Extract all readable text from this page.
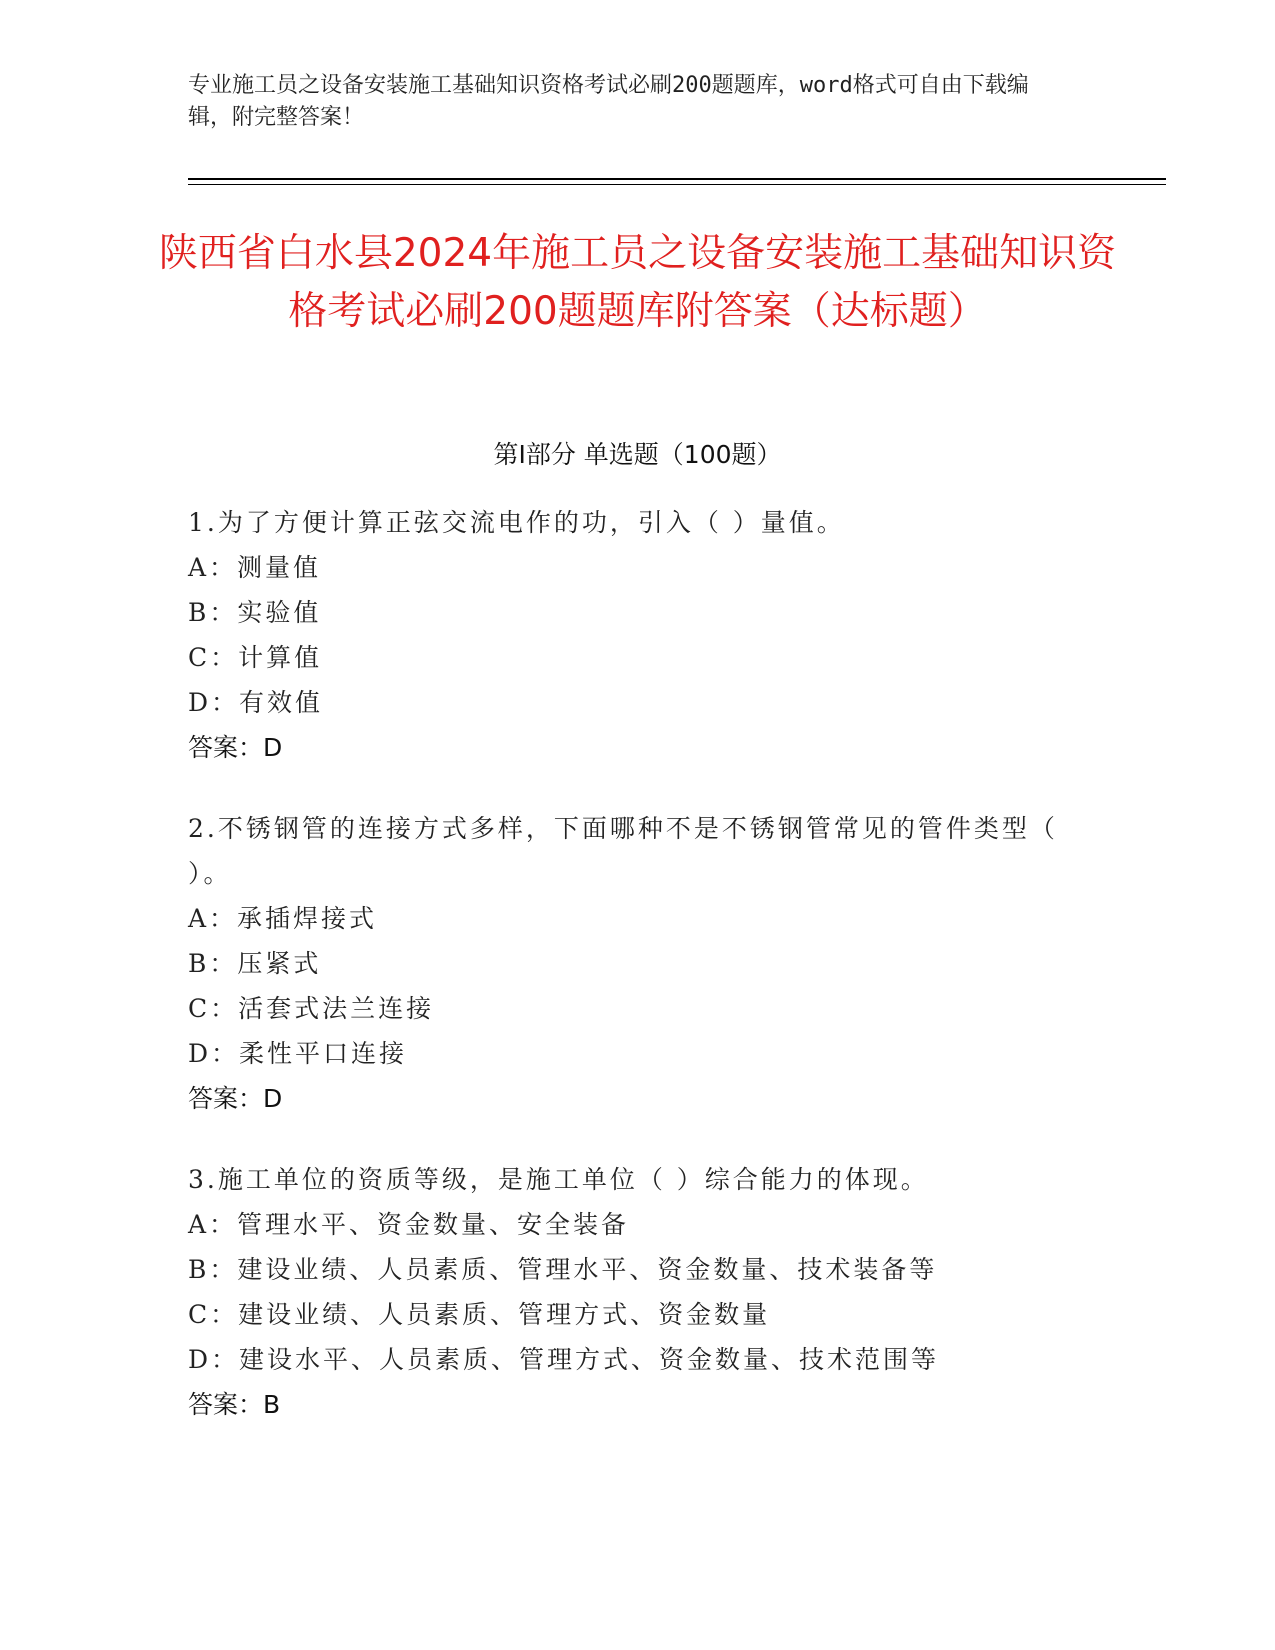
专业施工员之设备安装施工基础知识资格考试必刷200题题库，word格式可自由下载编辑，附完整答案！
陕西省白水县2024年施工员之设备安装施工基础知识资格考试必刷200题题库附答案（达标题）
第Ⅰ部分 单选题（100题）
1.为了方便计算正弦交流电作的功，引入（ ）量值。
A：测量值
B：实验值
C：计算值
D：有效值
答案：D
2.不锈钢管的连接方式多样，下面哪种不是不锈钢管常见的管件类型（ ）。
A：承插焊接式
B：压紧式
C：活套式法兰连接
D：柔性平口连接
答案：D
3.施工单位的资质等级，是施工单位（ ）综合能力的体现。
A：管理水平、资金数量、安全装备
B：建设业绩、人员素质、管理水平、资金数量、技术装备等
C：建设业绩、人员素质、管理方式、资金数量
D：建设水平、人员素质、管理方式、资金数量、技术范围等
答案：B
